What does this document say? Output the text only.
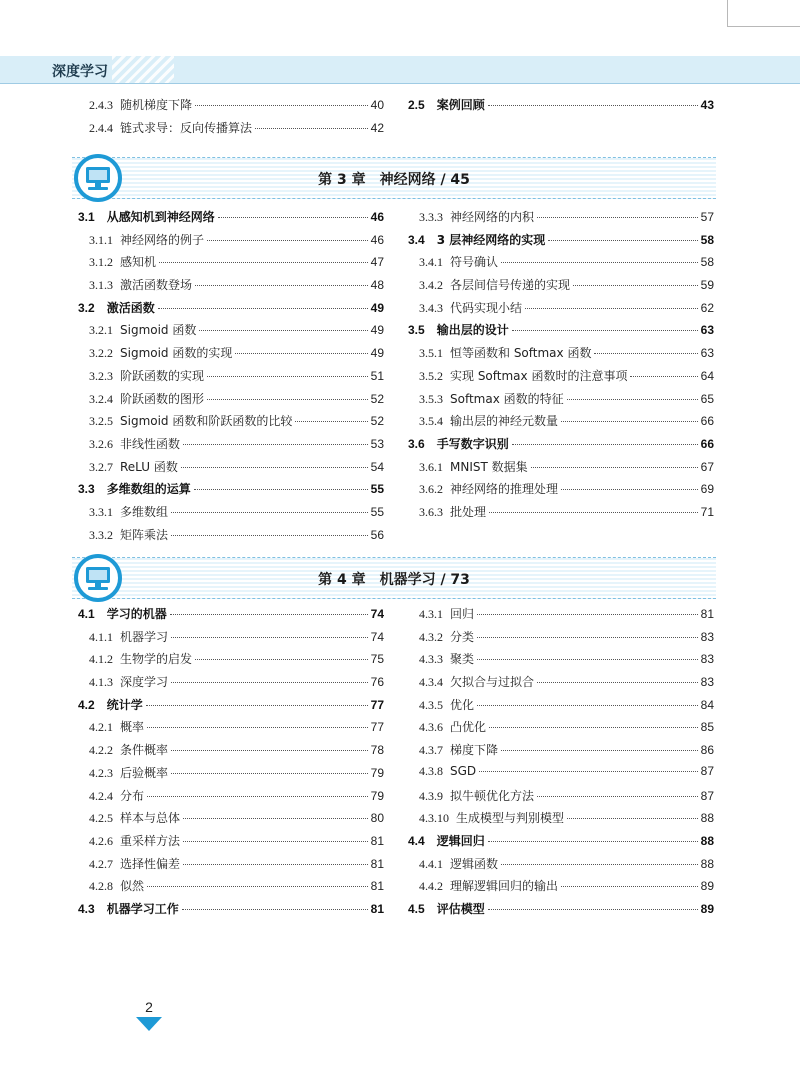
深度学习
2.4.3 随机梯度下降	40
2.4.4 链式求导：反向传播算法	42
2.5 案例回顾	43
第 3 章　神经网络 / 45
3.1 从感知机到神经网络	46
3.1.1 神经网络的例子	46
3.1.2 感知机	47
3.1.3 激活函数登场	48
3.2 激活函数	49
3.2.1 Sigmoid 函数	49
3.2.2 Sigmoid 函数的实现	49
3.2.3 阶跃函数的实现	51
3.2.4 阶跃函数的图形	52
3.2.5 Sigmoid 函数和阶跃函数的比较	52
3.2.6 非线性函数	53
3.2.7 ReLU 函数	54
3.3 多维数组的运算	55
3.3.1 多维数组	55
3.3.2 矩阵乘法	56
3.3.3 神经网络的内积	57
3.4 3 层神经网络的实现	58
3.4.1 符号确认	58
3.4.2 各层间信号传递的实现	59
3.4.3 代码实现小结	62
3.5 输出层的设计	63
3.5.1 恒等函数和 Softmax 函数	63
3.5.2 实现 Softmax 函数时的注意事项	64
3.5.3 Softmax 函数的特征	65
3.5.4 输出层的神经元数量	66
3.6 手写数字识别	66
3.6.1 MNIST 数据集	67
3.6.2 神经网络的推理处理	69
3.6.3 批处理	71
第 4 章　机器学习 / 73
4.1 学习的机器	74
4.1.1 机器学习	74
4.1.2 生物学的启发	75
4.1.3 深度学习	76
4.2 统计学	77
4.2.1 概率	77
4.2.2 条件概率	78
4.2.3 后验概率	79
4.2.4 分布	79
4.2.5 样本与总体	80
4.2.6 重采样方法	81
4.2.7 选择性偏差	81
4.2.8 似然	81
4.3 机器学习工作	81
4.3.1 回归	81
4.3.2 分类	83
4.3.3 聚类	83
4.3.4 欠拟合与过拟合	83
4.3.5 优化	84
4.3.6 凸优化	85
4.3.7 梯度下降	86
4.3.8 SGD	87
4.3.9 拟牛顿优化方法	87
4.3.10 生成模型与判别模型	88
4.4 逻辑回归	88
4.4.1 逻辑函数	88
4.4.2 理解逻辑回归的输出	89
4.5 评估模型	89
2
